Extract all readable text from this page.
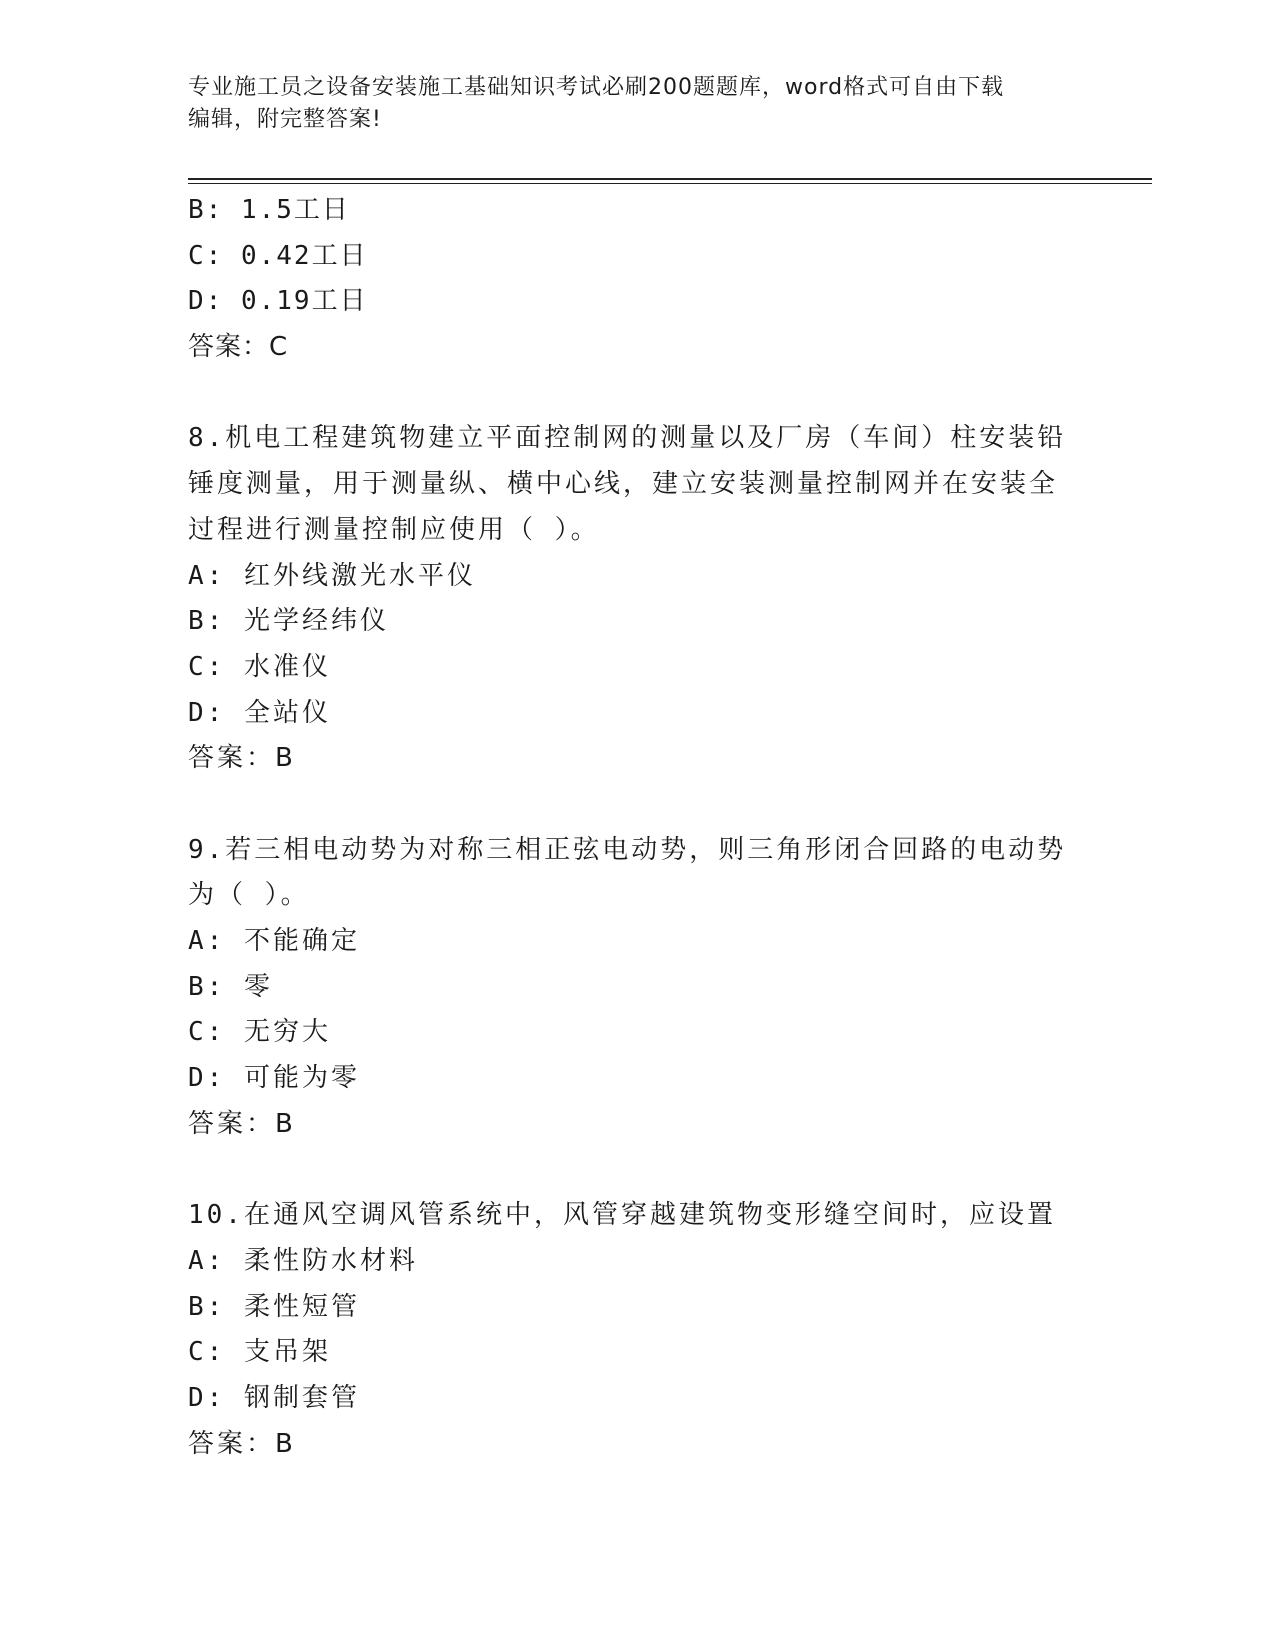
专业施工员之设备安装施工基础知识考试必刷200题题库，word格式可自由下载
编辑，附完整答案!
B: 1.5工日
C: 0.42工日
D: 0.19工日
答案：C
8.机电工程建筑物建立平面控制网的测量以及厂房（车间）柱安装铅
锤度测量，用于测量纵、横中心线，建立安装测量控制网并在安装全
过程进行测量控制应使用（ ）。
A: 红外线激光水平仪
B: 光学经纬仪
C: 水准仪
D: 全站仪
答案：B
9.若三相电动势为对称三相正弦电动势，则三角形闭合回路的电动势
为（ ）。
A: 不能确定
B: 零
C: 无穷大
D: 可能为零
答案：B
10.在通风空调风管系统中，风管穿越建筑物变形缝空间时，应设置
A: 柔性防水材料
B: 柔性短管
C: 支吊架
D: 钢制套管
答案：B
